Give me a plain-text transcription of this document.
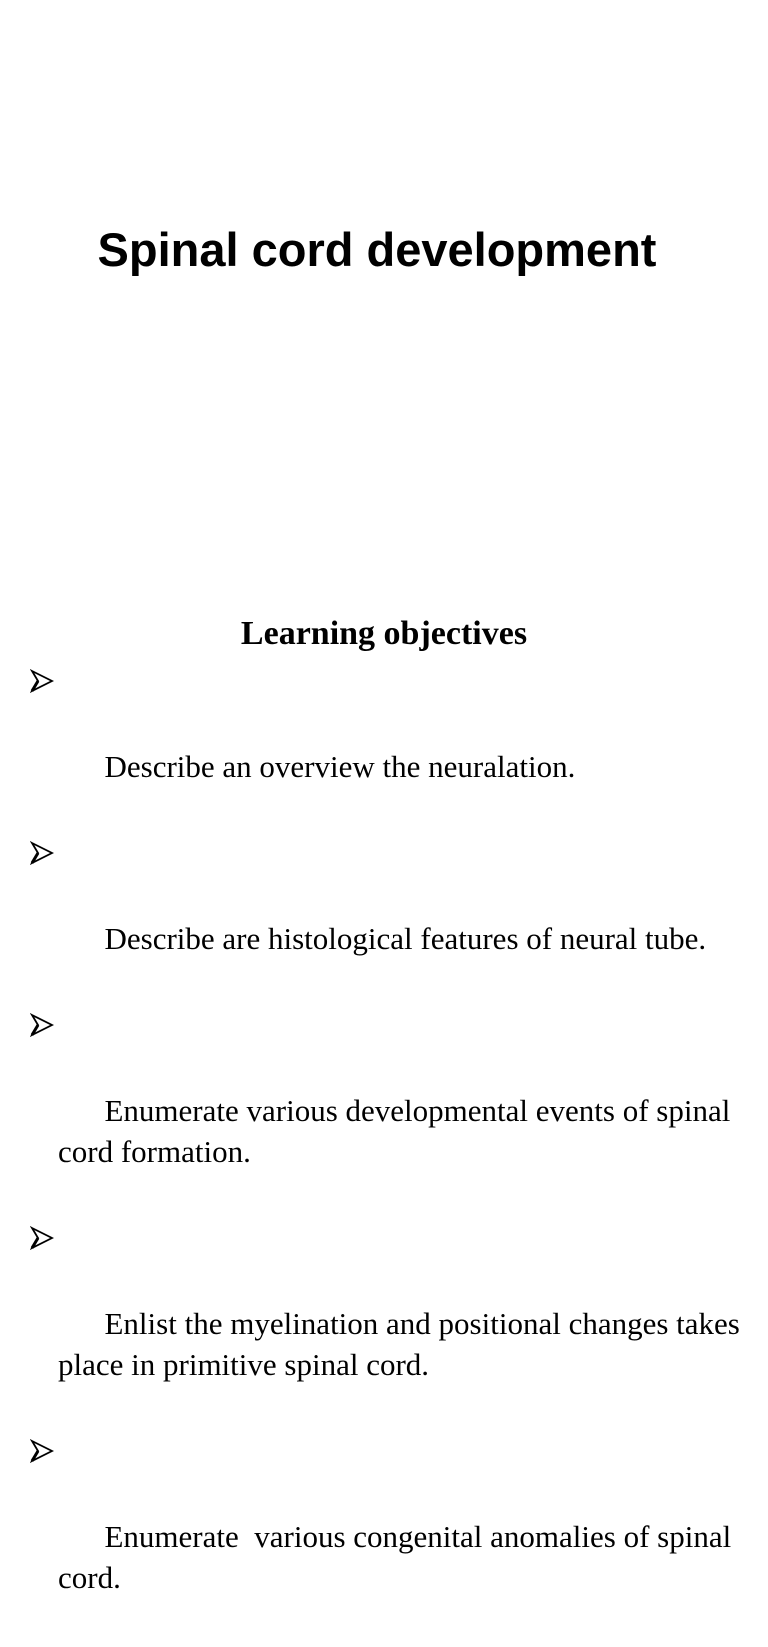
Spinal cord development
Learning objectives

Describe an overview the neuralation.

Describe are histological features of neural tube.

Enumerate various developmental events of spinal cord formation.

Enlist the myelination and positional changes takes place in primitive spinal cord.

Enumerate  various congenital anomalies of spinal cord.
